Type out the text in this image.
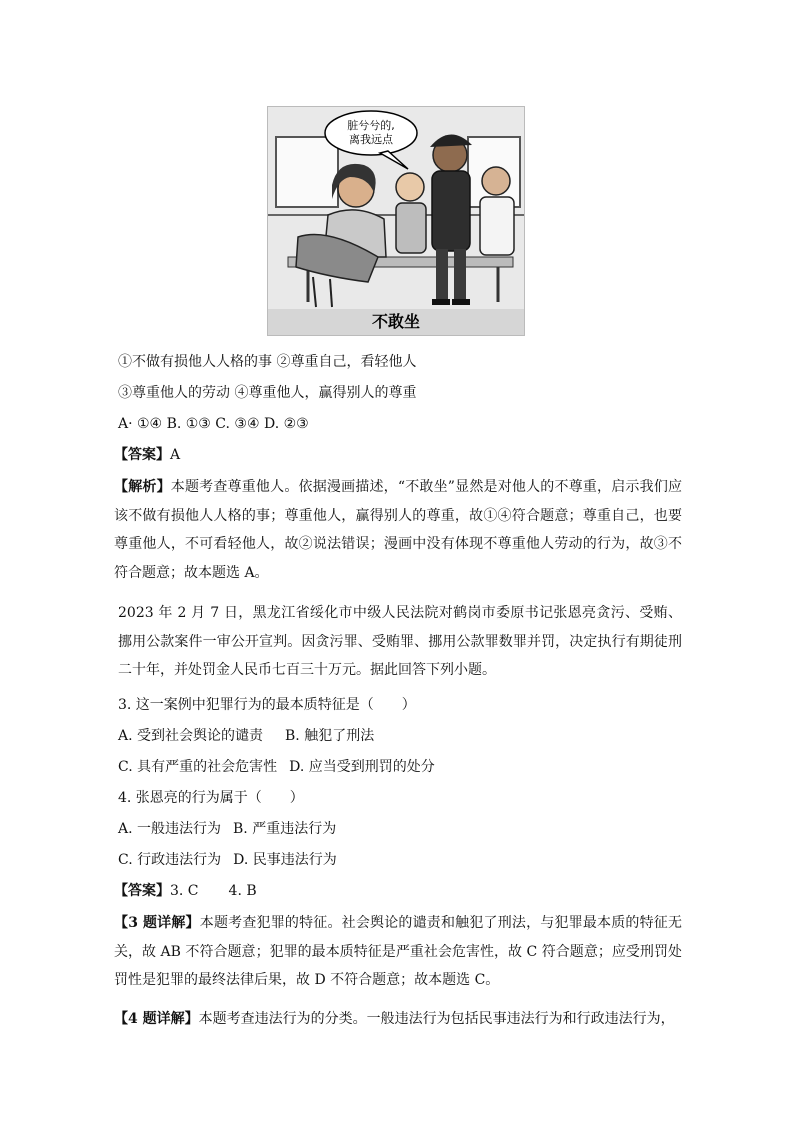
脏兮兮的,
离我远点
不敢坐
①不做有损他人人格的事 ②尊重自己，看轻他人
③尊重他人的劳动 ④尊重他人，赢得别人的尊重
A· ①④ B. ①③ C. ③④ D. ②③
【答案】A
【解析】本题考查尊重他人。依据漫画描述，“不敢坐”显然是对他人的不尊重，启示我们应该不做有损他人人格的事；尊重他人，赢得别人的尊重，故①④符合题意；尊重自己，也要尊重他人，不可看轻他人，故②说法错误；漫画中没有体现不尊重他人劳动的行为，故③不符合题意；故本题选 A。
2023 年 2 月 7 日，黑龙江省绥化市中级人民法院对鹤岗市委原书记张恩亮贪污、受贿、挪用公款案件一审公开宣判。因贪污罪、受贿罪、挪用公款罪数罪并罚，决定执行有期徒刑二十年，并处罚金人民币七百三十万元。据此回答下列小题。
3. 这一案例中犯罪行为的最本质特征是（　　）
A. 受到社会舆论的谴责 B. 触犯了刑法
C. 具有严重的社会危害性 D. 应当受到刑罚的处分
4. 张恩亮的行为属于（　　）
A. 一般违法行为 B. 严重违法行为
C. 行政违法行为 D. 民事违法行为
【答案】3. C 4. B
【3 题详解】本题考查犯罪的特征。社会舆论的谴责和触犯了刑法，与犯罪最本质的特征无关，故 AB 不符合题意；犯罪的最本质特征是严重社会危害性，故 C 符合题意；应受刑罚处罚性是犯罪的最终法律后果，故 D 不符合题意；故本题选 C。
【4 题详解】本题考查违法行为的分类。一般违法行为包括民事违法行为和行政违法行为，
